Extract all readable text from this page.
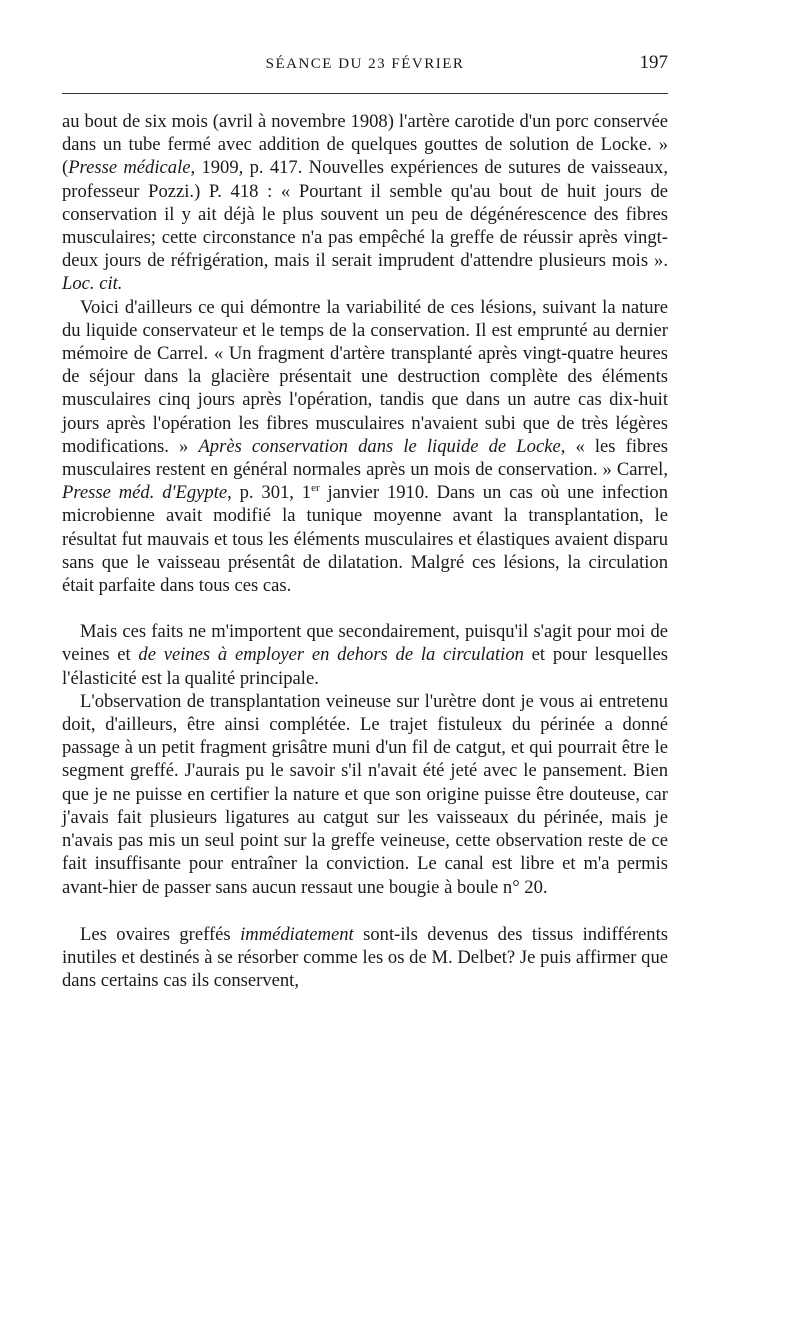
SÉANCE DU 23 FÉVRIER	197

au bout de six mois (avril à novembre 1908) l'artère carotide d'un porc conservée dans un tube fermé avec addition de quelques gouttes de solution de Locke. » (Presse médicale, 1909, p. 417. Nouvelles expériences de sutures de vaisseaux, professeur Pozzi.) P. 418 : « Pourtant il semble qu'au bout de huit jours de conservation il y ait déjà le plus souvent un peu de dégénérescence des fibres musculaires; cette circonstance n'a pas empêché la greffe de réussir après vingt-deux jours de réfrigération, mais il serait imprudent d'attendre plusieurs mois ». Loc. cit.

Voici d'ailleurs ce qui démontre la variabilité de ces lésions, suivant la nature du liquide conservateur et le temps de la conservation. Il est emprunté au dernier mémoire de Carrel. « Un fragment d'artère transplanté après vingt-quatre heures de séjour dans la glacière présentait une destruction complète des éléments musculaires cinq jours après l'opération, tandis que dans un autre cas dix-huit jours après l'opération les fibres musculaires n'avaient subi que de très légères modifications. » Après conservation dans le liquide de Locke, « les fibres musculaires restent en général normales après un mois de conservation. » Carrel, Presse méd. d'Egypte, p. 301, 1er janvier 1910. Dans un cas où une infection microbienne avait modifié la tunique moyenne avant la transplantation, le résultat fut mauvais et tous les éléments musculaires et élastiques avaient disparu sans que le vaisseau présentât de dilatation. Malgré ces lésions, la circulation était parfaite dans tous ces cas.

Mais ces faits ne m'importent que secondairement, puisqu'il s'agit pour moi de veines et de veines à employer en dehors de la circulation et pour lesquelles l'élasticité est la qualité principale.

L'observation de transplantation veineuse sur l'urètre dont je vous ai entretenu doit, d'ailleurs, être ainsi complétée. Le trajet fistuleux du périnée a donné passage à un petit fragment grisâtre muni d'un fil de catgut, et qui pourrait être le segment greffé. J'aurais pu le savoir s'il n'avait été jeté avec le pansement. Bien que je ne puisse en certifier la nature et que son origine puisse être douteuse, car j'avais fait plusieurs ligatures au catgut sur les vaisseaux du périnée, mais je n'avais pas mis un seul point sur la greffe veineuse, cette observation reste de ce fait insuffisante pour entraîner la conviction. Le canal est libre et m'a permis avant-hier de passer sans aucun ressaut une bougie à boule n° 20.

Les ovaires greffés immédiatement sont-ils devenus des tissus indifférents inutiles et destinés à se résorber comme les os de M. Delbet? Je puis affirmer que dans certains cas ils conservent,
